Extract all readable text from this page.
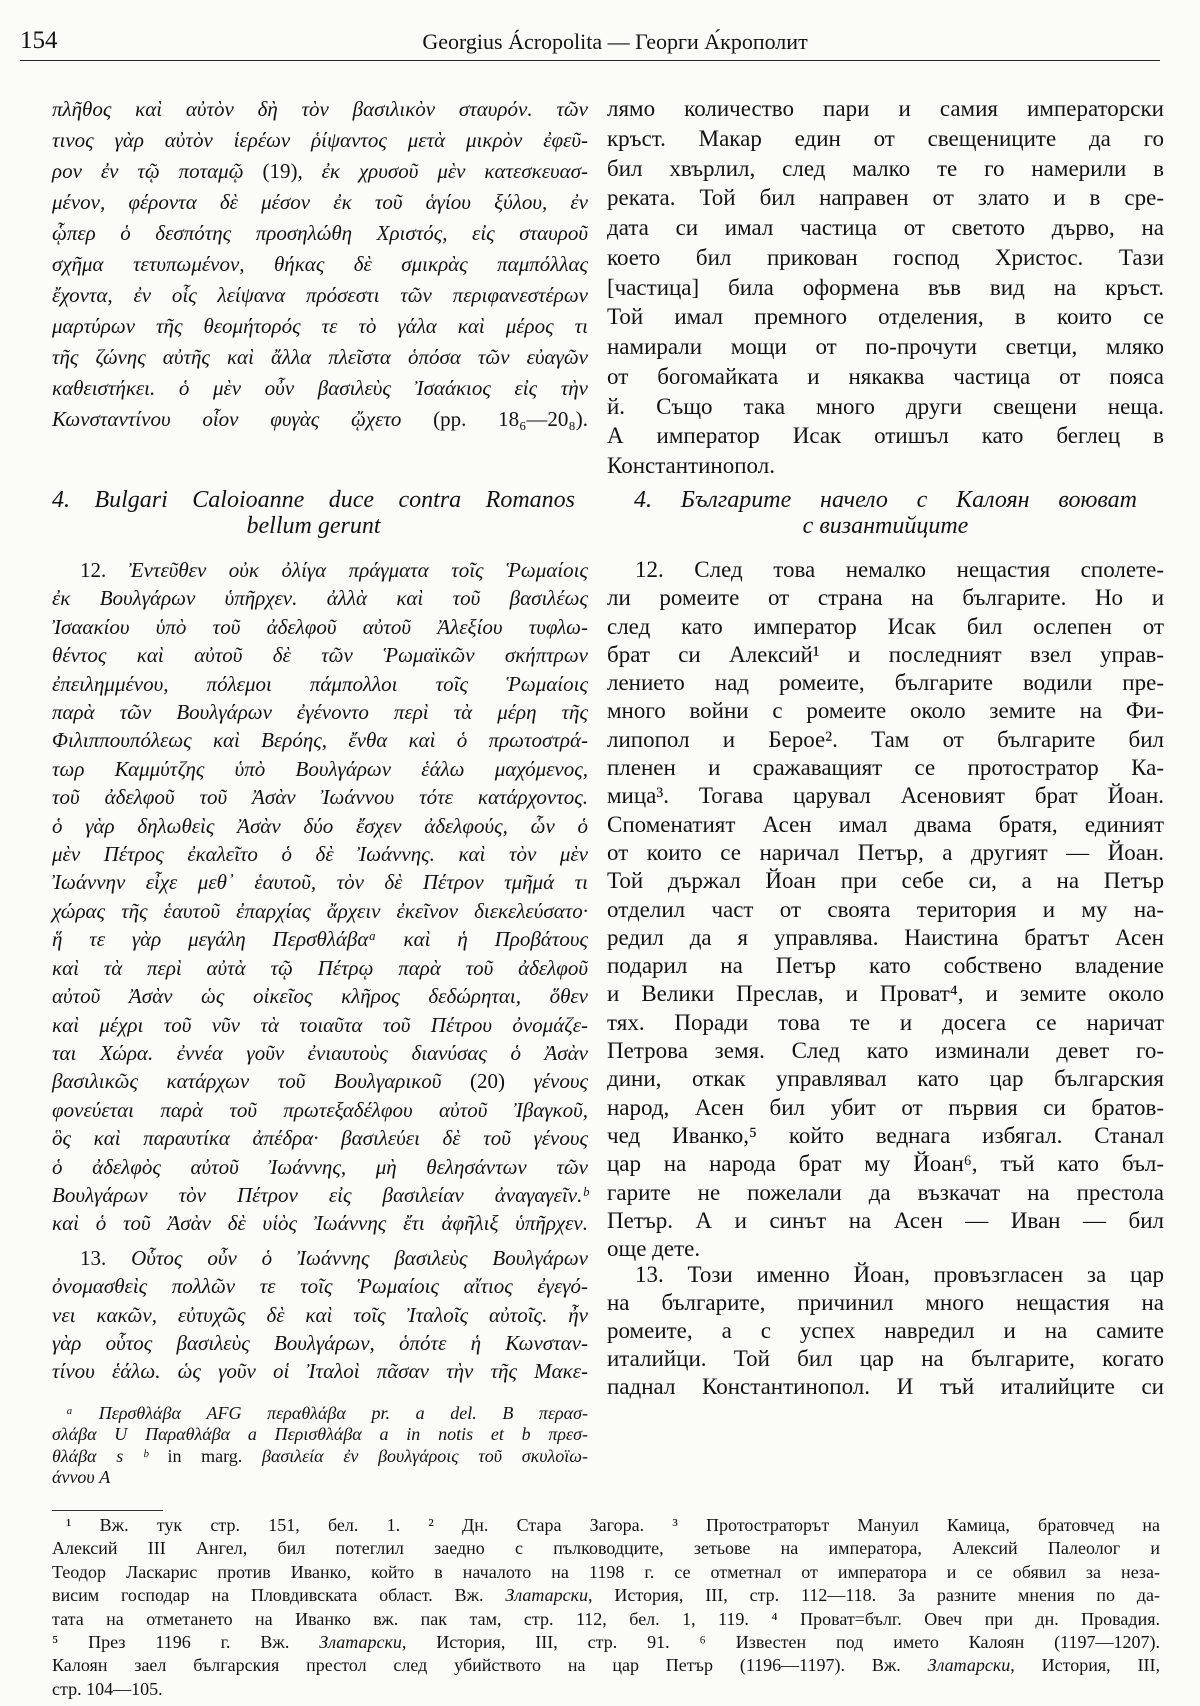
154	Georgius Ácropolita — Георги А́крополит
πλῆθος καὶ αὐτὸν δὴ τὸν βασιλικὸν σταυρόν. τῶν
τινος γὰρ αὐτὸν ἱερέων ῥίψαντος μετὰ μικρὸν ἐφεῦ-
ρον ἐν τῷ ποταμῷ (19), ἐκ χρυσοῦ μὲν κατεσκευασ-
μένον, φέροντα δὲ μέσον ἐκ τοῦ ἁγίου ξύλου, ἐν
ᾧπερ ὁ δεσπότης προσηλώθη Χριστός, εἰς σταυροῦ
σχῆμα τετυπωμένον, θήκας δὲ σμικρὰς παμπόλλας
ἔχοντα, ἐν οἷς λείψανα πρόσεστι τῶν περιφανεστέρων
μαρτύρων τῆς θεομήτορός τε τὸ γάλα καὶ μέρος τι
τῆς ζώνης αὐτῆς καὶ ἄλλα πλεῖστα ὁπόσα τῶν εὐαγῶν
καθειστήκει. ὁ μὲν οὖν βασιλεὺς Ἰσαάκιος εἰς τὴν
Κωνσταντίνου οἷον φυγὰς ᾤχετο (pp. 18₆—20₈).
лямо количество пари и самия императорски
кръст. Макар един от свещениците да го
бил хвърлил, след малко те го намерили в
реката. Той бил направен от злато и в сре-
дата си имал частица от светото дърво, на
което бил прикован господ Христос. Тази
[частица] била оформена във вид на кръст.
Той имал премного отделения, в които се
намирали мощи от по-прочути светци, мляко
от богомайката и някаква частица от пояса
й. Също така много други свещени неща.
А император Исак отишъл като беглец в
Константинопол.
4. Bulgari Caloioanne duce contra Romanos
bellum gerunt
4. Българите начело с Калоян воюват
с византийците
12. Ἐντεῦθεν οὐκ ὀλίγα πράγματα τοῖς Ῥωμαίοις
ἐκ Βουλγάρων ὑπῆρχεν. ἀλλὰ καὶ τοῦ βασιλέως
Ἰσαακίου ὑπὸ τοῦ ἀδελφοῦ αὐτοῦ Ἀλεξίου τυφλω-
θέντος καὶ αὐτοῦ δὲ τῶν Ῥωμαϊκῶν σκήπτρων
ἐπειλημμένου, πόλεμοι πάμπολλοι τοῖς Ῥωμαίοις
παρὰ τῶν Βουλγάρων ἐγένοντο περὶ τὰ μέρη τῆς
Φιλιππουπόλεως καὶ Βερόης, ἔνθα καὶ ὁ πρωτοστρά-
τωρ Καμμύτζης ὑπὸ Βουλγάρων ἑάλω μαχόμενος,
τοῦ ἀδελφοῦ τοῦ Ἀσὰν Ἰωάννου τότε κατάρχοντος.
ὁ γὰρ δηλωθεὶς Ἀσὰν δύο ἔσχεν ἀδελφούς, ὧν ὁ
μὲν Πέτρος ἐκαλεῖτο ὁ δὲ Ἰωάννης. καὶ τὸν μὲν
Ἰωάννην εἶχε μεθ᾽ ἑαυτοῦ, τὸν δὲ Πέτρον τμῆμά τι
χώρας τῆς ἑαυτοῦ ἐπαρχίας ἄρχειν ἐκεῖνον διεκελεύσατο·
ἥ τε γὰρ μεγάλη Περσθλάβαᵃ καὶ ἡ Προβάτους
καὶ τὰ περὶ αὐτὰ τῷ Πέτρῳ παρὰ τοῦ ἀδελφοῦ
αὐτοῦ Ἀσὰν ὡς οἰκεῖος κλῆρος δεδώρηται, ὅθεν
καὶ μέχρι τοῦ νῦν τὰ τοιαῦτα τοῦ Πέτρου ὀνομάζε-
ται Χώρα. ἐννέα γοῦν ἐνιαυτοὺς διανύσας ὁ Ἀσὰν
βασιλικῶς κατάρχων τοῦ Βουλγαρικοῦ (20) γένους
φονεύεται παρὰ τοῦ πρωτεξαδέλφου αὐτοῦ Ἰβαγκοῦ,
ὃς καὶ παραυτίκα ἀπέδρα· βασιλεύει δὲ τοῦ γένους
ὁ ἀδελφὸς αὐτοῦ Ἰωάννης, μὴ θελησάντων τῶν
Βουλγάρων τὸν Πέτρον εἰς βασιλείαν ἀναγαγεῖν.ᵇ
καὶ ὁ τοῦ Ἀσὰν δὲ υἱὸς Ἰωάννης ἔτι ἀφῆλιξ ὑπῆρχεν.
12. След това немалко нещастия сполете-
ли ромеите от страна на българите. Но и
след като император Исак бил ослепен от
брат си Алексий¹ и последният взел управ-
лението над ромеите, българите водили пре-
много войни с ромеите около земите на Фи-
липопол и Берое². Там от българите бил
пленен и сражаващият се протостратор Ка-
мица³. Тогава царувал Асеновият брат Йоан.
Споменатият Асен имал двама братя, единият
от които се наричал Петър, а другият — Йоан.
Той държал Йоан при себе си, а на Петър
отделил част от своята територия и му на-
редил да я управлява. Наистина братът Асен
подарил на Петър като собствено владение
и Велики Преслав, и Проват⁴, и земите около
тях. Поради това те и досега се наричат
Петрова земя. След като изминали девет го-
дини, откак управлявал като цар българския
народ, Асен бил убит от първия си братов-
чед Иванко,⁵ който веднага избягал. Станал
цар на народа брат му Йоан⁶, тъй като бъл-
гарите не пожелали да възкачат на престола
Петър. А и синът на Асен — Иван — бил
още дете.
13. Οὗτος οὖν ὁ Ἰωάννης βασιλεὺς Βουλγάρων
ὀνομασθεὶς πολλῶν τε τοῖς Ῥωμαίοις αἴτιος ἐγεγό-
νει κακῶν, εὐτυχῶς δὲ καὶ τοῖς Ἰταλοῖς αὐτοῖς. ἦν
γὰρ οὗτος βασιλεὺς Βουλγάρων, ὁπότε ἡ Κωνσταν-
τίνου ἑάλω. ὡς γοῦν οἱ Ἰταλοὶ πᾶσαν τὴν τῆς Μακε-
13. Този именно Йоан, провъзгласен за цар
на българите, причинил много нещастия на
ромеите, а с успех навредил и на самите
италийци. Той бил цар на българите, когато
паднал Константинопол. И тъй италийците си
ᵃ Περσθλάβα AFG περαθλάβα pr. a del. B περασ-
σλάβα U Παραθλάβα a Περισθλάβα a in notis et b πρεσ-
θλάβα s ᵇ in marg. βασιλεία ἐν βουλγάροις τοῦ σκυλοϊω-
άννου A
¹ Вж. тук стр. 151, бел. 1. ² Дн. Стара Загора. ³ Протостраторът Мануил Камица, братовчед на
Алексий III Ангел, бил потеглил заедно с пълководците, зетьове на императора, Алексий Палеолог и
Теодор Ласкарис против Иванко, който в началото на 1198 г. се отметнал от императора и се обявил за неза-
висим господар на Пловдивската област. Вж. Златарски, История, III, стр. 112—118. За разните мнения по да-
тата на отметането на Иванко вж. пак там, стр. 112, бел. 1, 119. ⁴ Проват=бълг. Овеч при дн. Провадия.
⁵ През 1196 г. Вж. Златарски, История, III, стр. 91. ⁶ Известен под името Калоян (1197—1207).
Калоян заел българския престол след убийството на цар Петър (1196—1197). Вж. Златарски, История, III,
стр. 104—105.
